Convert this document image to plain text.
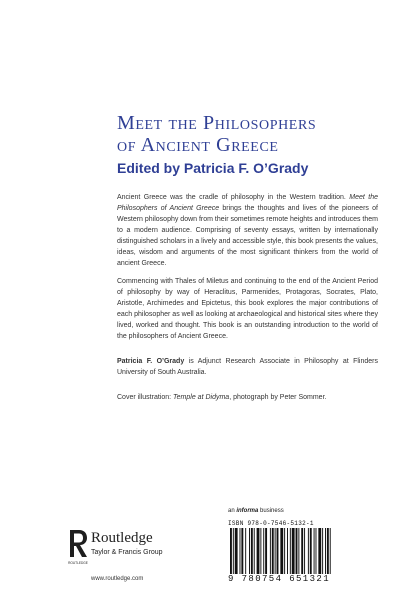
Meet the Philosophers
of Ancient Greece
Edited by Patricia F. O’Grady

Ancient Greece was the cradle of philosophy in the Western tradition. Meet the Philosophers of Ancient Greece brings the thoughts and lives of the pioneers of Western philosophy down from their sometimes remote heights and introduces them to a modern audience. Comprising of seventy essays, written by internationally distinguished scholars in a lively and accessible style, this book presents the values, ideas, wisdom and arguments of the most significant thinkers from the world of ancient Greece.

Commencing with Thales of Miletus and continuing to the end of the Ancient Period of philosophy by way of Heraclitus, Parmenides, Protagoras, Socrates, Plato, Aristotle, Archimedes and Epictetus, this book explores the major contributions of each philosopher as well as looking at archaeological and historical sites where they lived, worked and thought. This book is an outstanding introduction to the world of the philosophers of Ancient Greece.

Patricia F. O’Grady is Adjunct Research Associate in Philosophy at Flinders University of South Australia.

Cover illustration: Temple at Didyma, photograph by Peter Sommer.

ROUTLEDGE
Routledge
Taylor & Francis Group
www.routledge.com
an informa business
ISBN 978-0-7546-5132-1
9 780754 651321
